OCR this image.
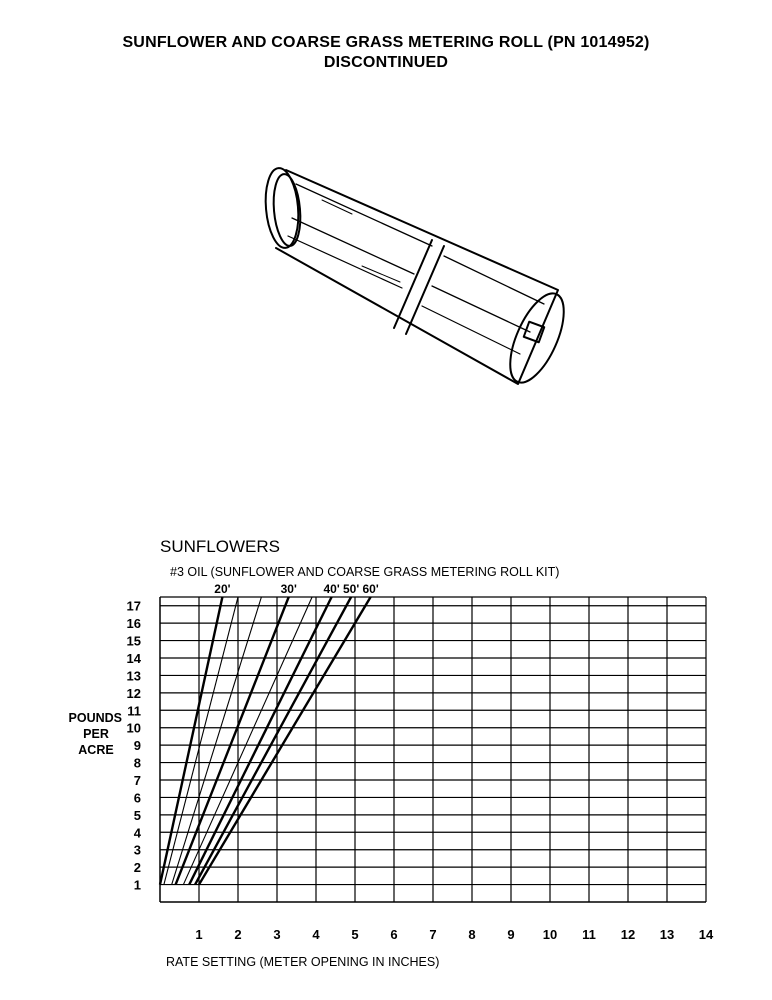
SUNFLOWER AND COARSE GRASS METERING ROLL (PN 1014952)
DISCONTINUED
SUNFLOWERS
#3 OIL (SUNFLOWER AND COARSE GRASS METERING ROLL KIT)
20'	30' 40' 50' 60'
1
2
3
4
5
6
7
8
9
10
11
12
13
14
15
16
17
1 2 3 4 5 6 7 8 9 10 11 12 13 14
POUNDS
PER
ACRE
RATE SETTING (METER OPENING IN INCHES)
